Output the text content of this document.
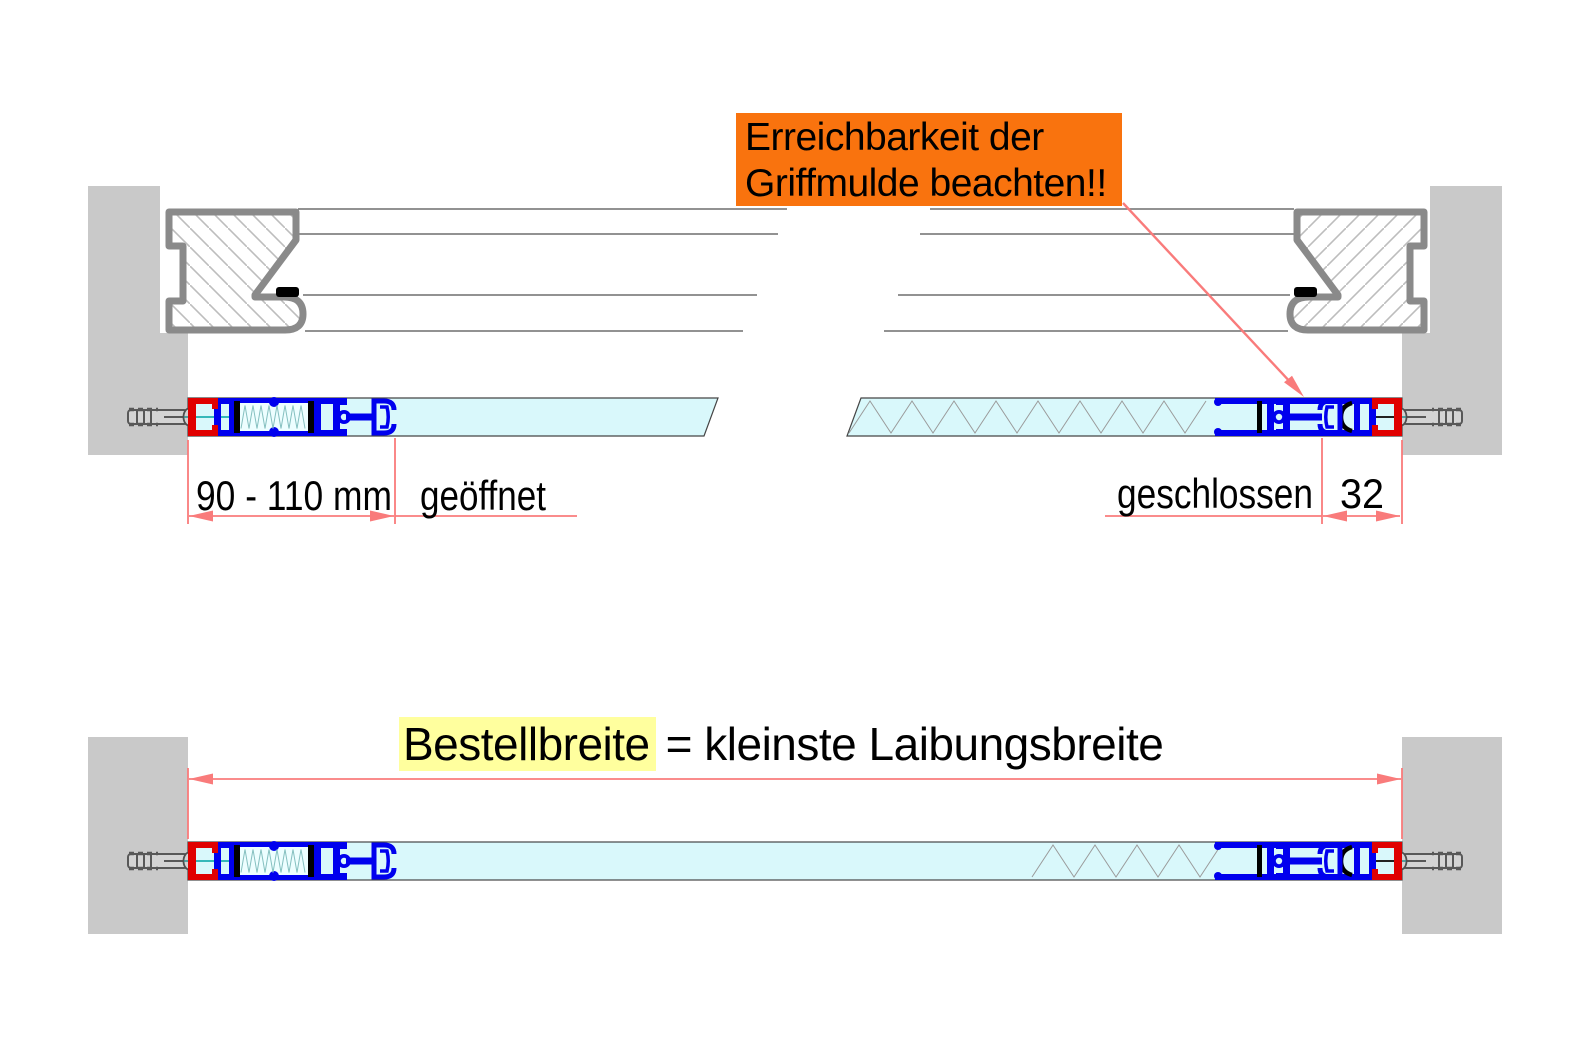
90 - 110 mm geöffnet	geschlossen 32
Erreichbarkeit der
Griffmulde beachten!!
Bestellbreite = kleinste Laibungsbreite
